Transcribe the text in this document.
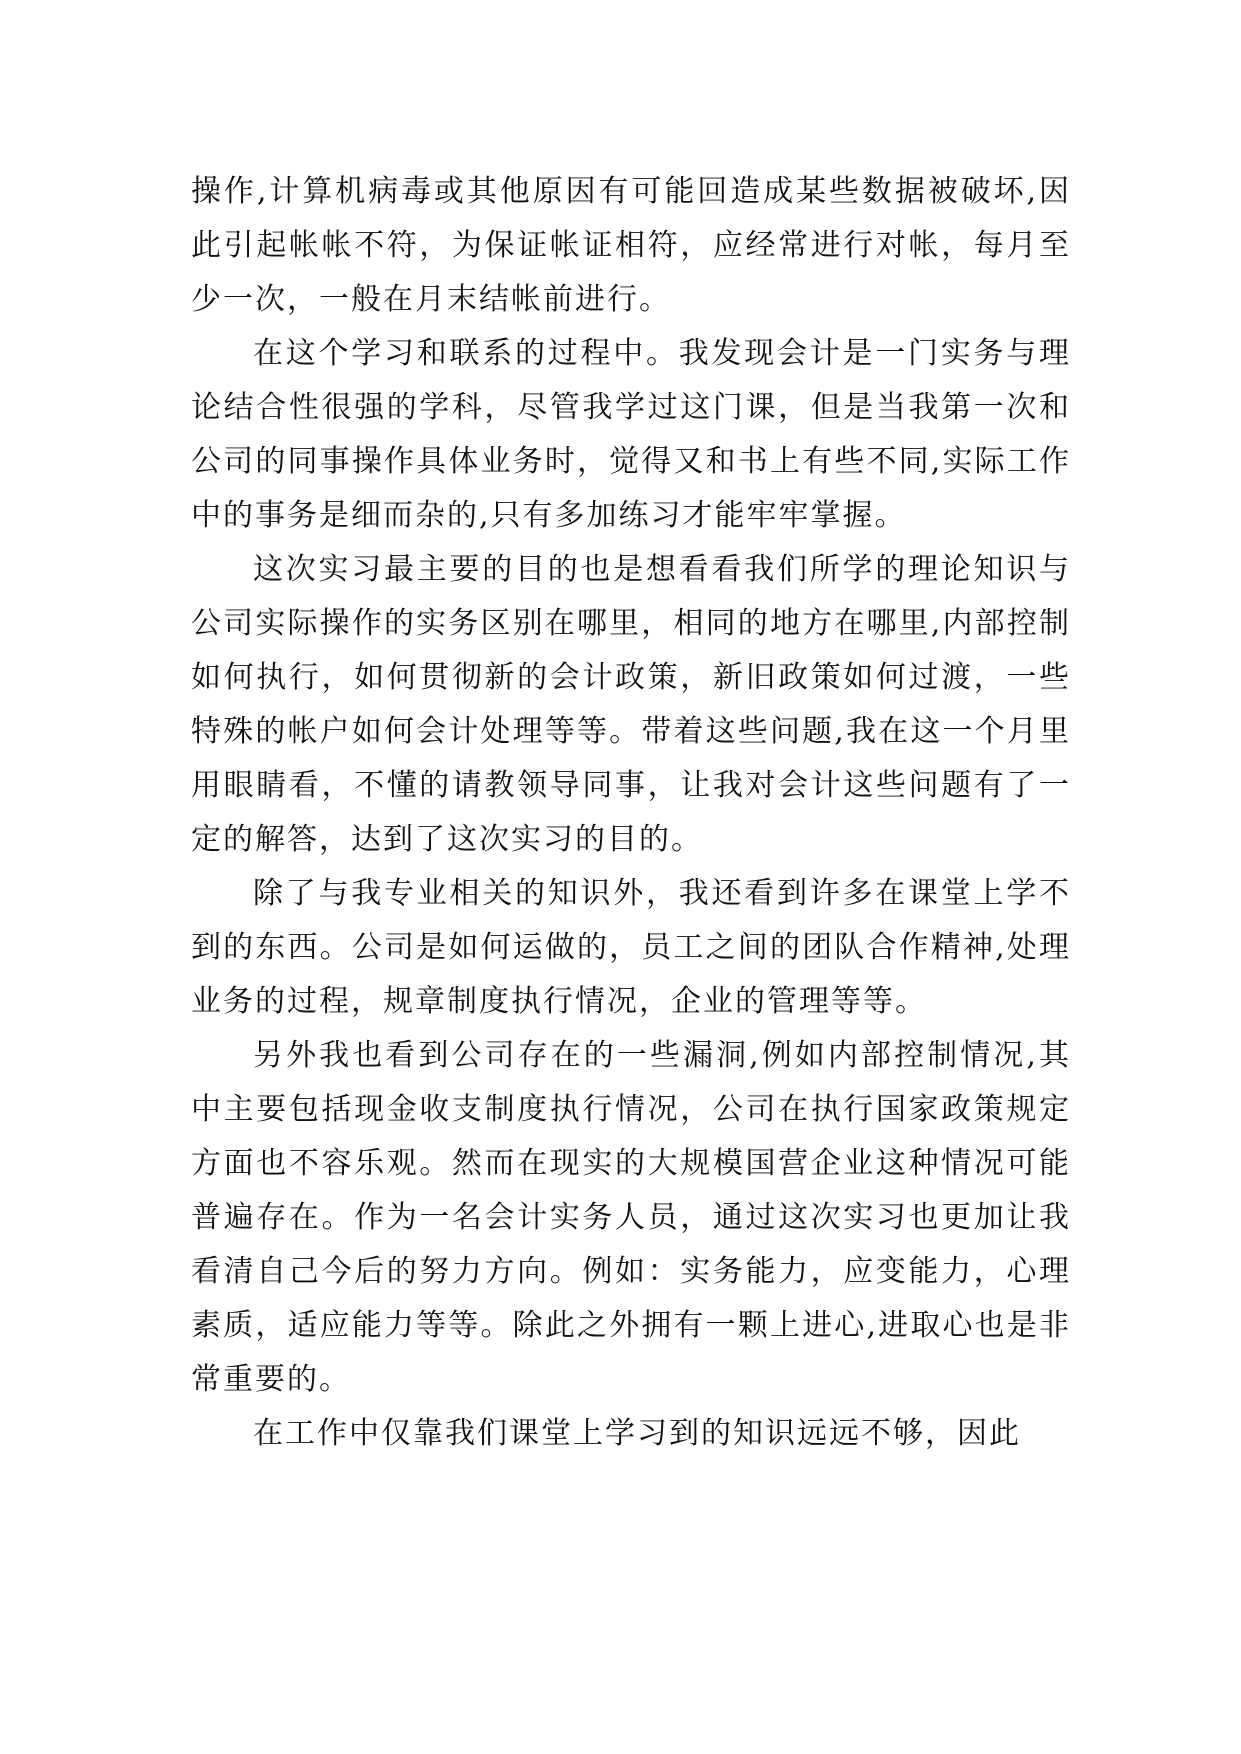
操作,计算机病毒或其他原因有可能回造成某些数据被破坏,因此引起帐帐不符，为保证帐证相符，应经常进行对帐，每月至少一次，一般在月末结帐前进行。

在这个学习和联系的过程中。我发现会计是一门实务与理论结合性很强的学科，尽管我学过这门课，但是当我第一次和公司的同事操作具体业务时，觉得又和书上有些不同,实际工作中的事务是细而杂的,只有多加练习才能牢牢掌握。

这次实习最主要的目的也是想看看我们所学的理论知识与公司实际操作的实务区别在哪里，相同的地方在哪里,内部控制如何执行，如何贯彻新的会计政策，新旧政策如何过渡，一些特殊的帐户如何会计处理等等。带着这些问题,我在这一个月里用眼睛看，不懂的请教领导同事，让我对会计这些问题有了一定的解答，达到了这次实习的目的。

除了与我专业相关的知识外，我还看到许多在课堂上学不到的东西。公司是如何运做的，员工之间的团队合作精神,处理业务的过程，规章制度执行情况，企业的管理等等。

另外我也看到公司存在的一些漏洞,例如内部控制情况,其中主要包括现金收支制度执行情况，公司在执行国家政策规定方面也不容乐观。然而在现实的大规模国营企业这种情况可能普遍存在。作为一名会计实务人员，通过这次实习也更加让我看清自己今后的努力方向。例如：实务能力，应变能力，心理素质，适应能力等等。除此之外拥有一颗上进心,进取心也是非常重要的。

在工作中仅靠我们课堂上学习到的知识远远不够，因此
